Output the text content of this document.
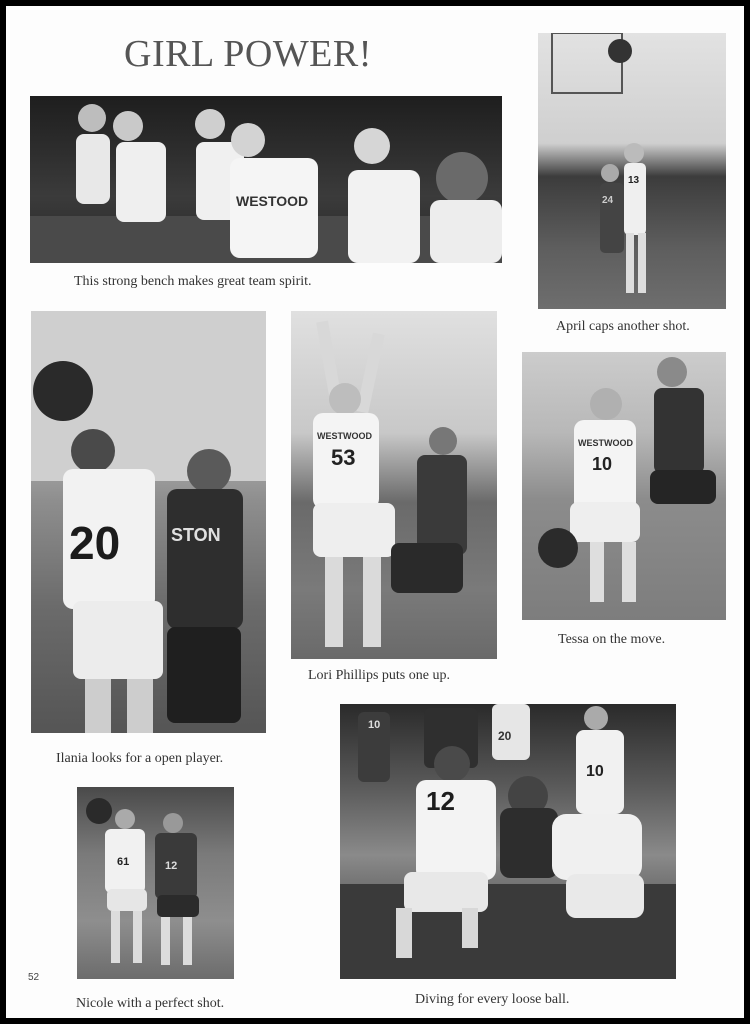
GIRL POWER!
WESTOOD

This strong bench makes great team spirit.

13
24

April caps another shot.

20	STON

Ilania looks for a open player.

WESTWOOD
53

Lori Phillips puts one up.

WESTWOOD
10

Tessa on the move.

61	12

Nicole with a perfect shot.

12
10
20
10

Diving for every loose ball.

52
